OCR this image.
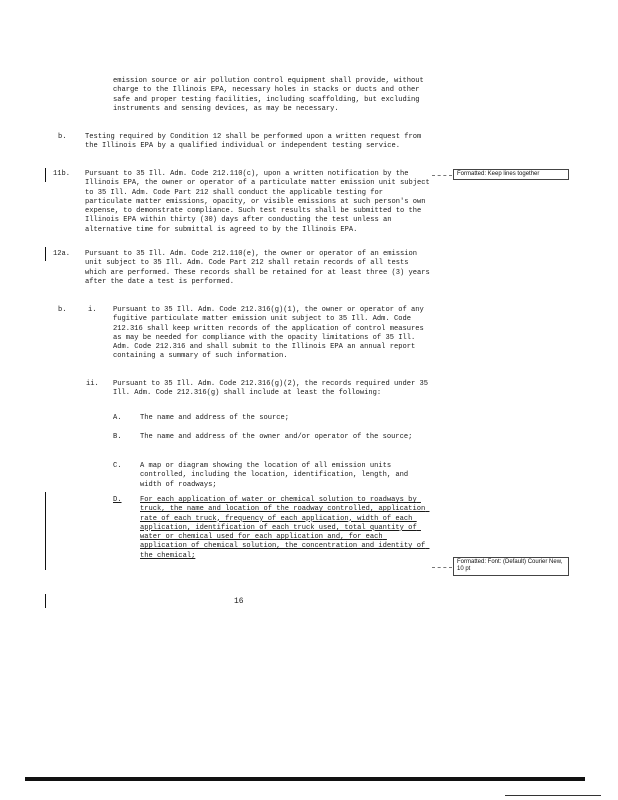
emission source or air pollution control equipment shall provide, without charge to the Illinois EPA, necessary holes in stacks or ducts and other safe and proper testing facilities, including scaffolding, but excluding instruments and sensing devices, as may be necessary.
b.	Testing required by Condition 12 shall be performed upon a written request from the Illinois EPA by a qualified individual or independent testing service.
11b. Pursuant to 35 Ill. Adm. Code 212.110(c), upon a written notification by the Illinois EPA, the owner or operator of a particulate matter emission unit subject to 35 Ill. Adm. Code Part 212 shall conduct the applicable testing for particulate matter emissions, opacity, or visible emissions at such person's own expense, to demonstrate compliance. Such test results shall be submitted to the Illinois EPA within thirty (30) days after conducting the test unless an alternative time for submittal is agreed to by the Illinois EPA.
12a. Pursuant to 35 Ill. Adm. Code 212.110(e), the owner or operator of an emission unit subject to 35 Ill. Adm. Code Part 212 shall retain records of all tests which are performed. These records shall be retained for at least three (3) years after the date a test is performed.
b.	i. Pursuant to 35 Ill. Adm. Code 212.316(g)(1), the owner or operator of any fugitive particulate matter emission unit subject to 35 Ill. Adm. Code 212.316 shall keep written records of the application of control measures as may be needed for compliance with the opacity limitations of 35 Ill. Adm. Code 212.316 and shall submit to the Illinois EPA an annual report containing a summary of such information.
ii. Pursuant to 35 Ill. Adm. Code 212.316(g)(2), the records required under 35 Ill. Adm. Code 212.316(g) shall include at least the following:
A.	The name and address of the source;
B.	The name and address of the owner and/or operator of the source;
C.	A map or diagram showing the location of all emission units controlled, including the location, identification, length, and width of roadways;
D.	For each application of water or chemical solution to roadways by truck, the name and location of the roadway controlled, application rate of each truck, frequency of each application, width of each application, identification of each truck used, total quantity of water or chemical used for each application and, for each application of chemical solution, the concentration and identity of the chemical;
Formatted: Keep lines together
Formatted: Font: (Default) Courier New, 10 pt
16
